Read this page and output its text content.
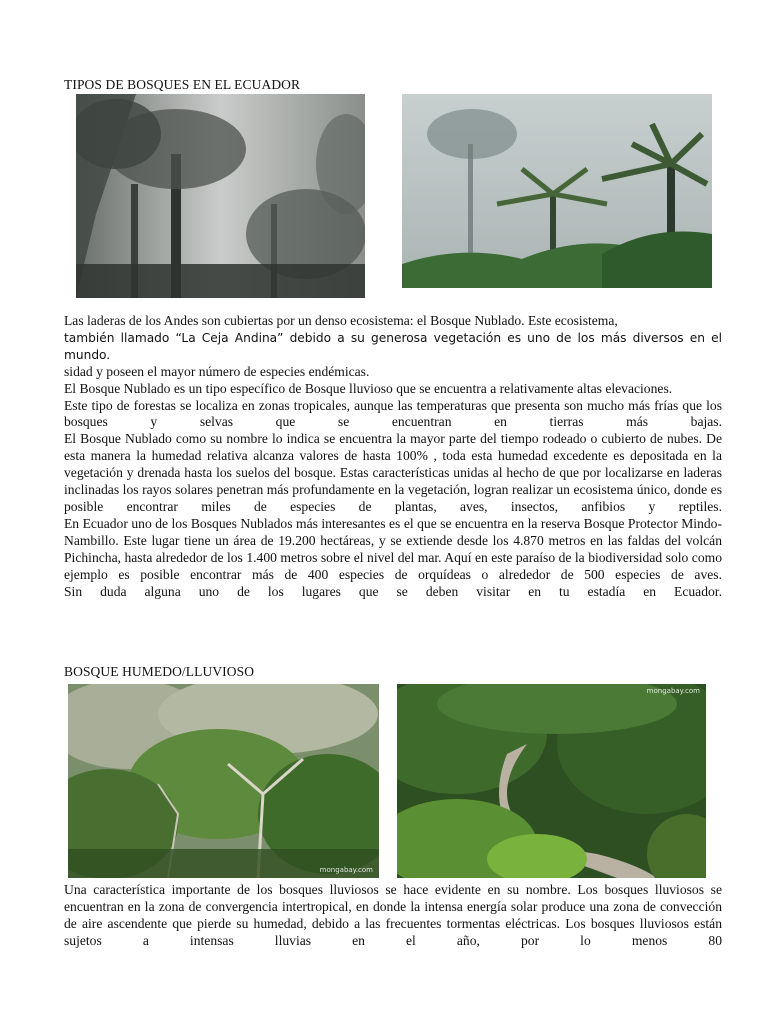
TIPOS DE BOSQUES EN EL ECUADOR

Las laderas de los Andes son cubiertas por un denso ecosistema: el Bosque Nublado. Este ecosistema,

también llamado “La Ceja Andina” debido a su generosa vegetación es uno de los más diversos en el mundo.

sidad y poseen el mayor número de especies endémicas.

El Bosque Nublado es un tipo específico de Bosque lluvioso que se encuentra a relativamente altas elevaciones.

Este tipo de forestas se localiza en zonas tropicales, aunque las temperaturas que presenta son mucho más frías que los bosques y selvas que se encuentran en tierras más bajas.

El Bosque Nublado como su nombre lo indica se encuentra la mayor parte del tiempo rodeado o cubierto de nubes. De esta manera la humedad relativa alcanza valores de hasta 100% , toda esta humedad excedente es depositada en la vegetación y drenada hasta los suelos del bosque. Estas características unidas al hecho de que por localizarse en laderas inclinadas los rayos solares penetran más profundamente en la vegetación, logran realizar un ecosistema único, donde es posible encontrar miles de especies de plantas, aves, insectos, anfibios y reptiles.

En Ecuador uno de los Bosques Nublados más interesantes es el que se encuentra en la reserva Bosque Protector Mindo-Nambillo. Este lugar tiene un área de 19.200 hectáreas, y se extiende desde los 4.870 metros en las faldas del volcán Pichincha, hasta alrededor de los 1.400 metros sobre el nivel del mar. Aquí en este paraíso de la biodiversidad solo como ejemplo es posible encontrar más de 400 especies de orquídeas o alrededor de 500 especies de aves.

Sin duda alguna uno de los lugares que se deben visitar en tu estadía en Ecuador.

BOSQUE HUMEDO/LLUVIOSO
mongabay.com
mongabay.com

Una característica importante de los bosques lluviosos se hace evidente en su nombre. Los bosques lluviosos se encuentran en la zona de convergencia intertropical, en donde la intensa energía solar produce una zona de convección de aire ascendente que pierde su humedad, debido a las frecuentes tormentas eléctricas. Los bosques lluviosos están sujetos a intensas lluvias en el año, por lo menos 80
